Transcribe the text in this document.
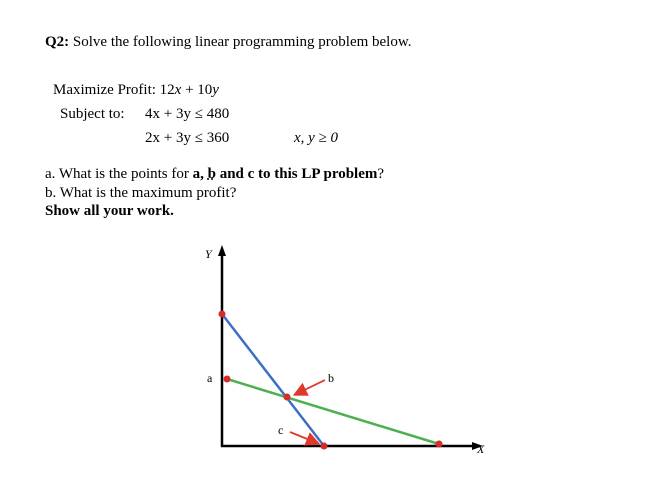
Q2: Solve the following linear programming problem below.
Maximize Profit: 12x + 10y
Subject to: 4x + 3y ≤ 480
2x + 3y ≤ 360	x, y ≥ 0
a. What is the points for a, b and c to this LP problem?
b. What is the maximum profit?
Show all your work.
Y
X
a	b
c
